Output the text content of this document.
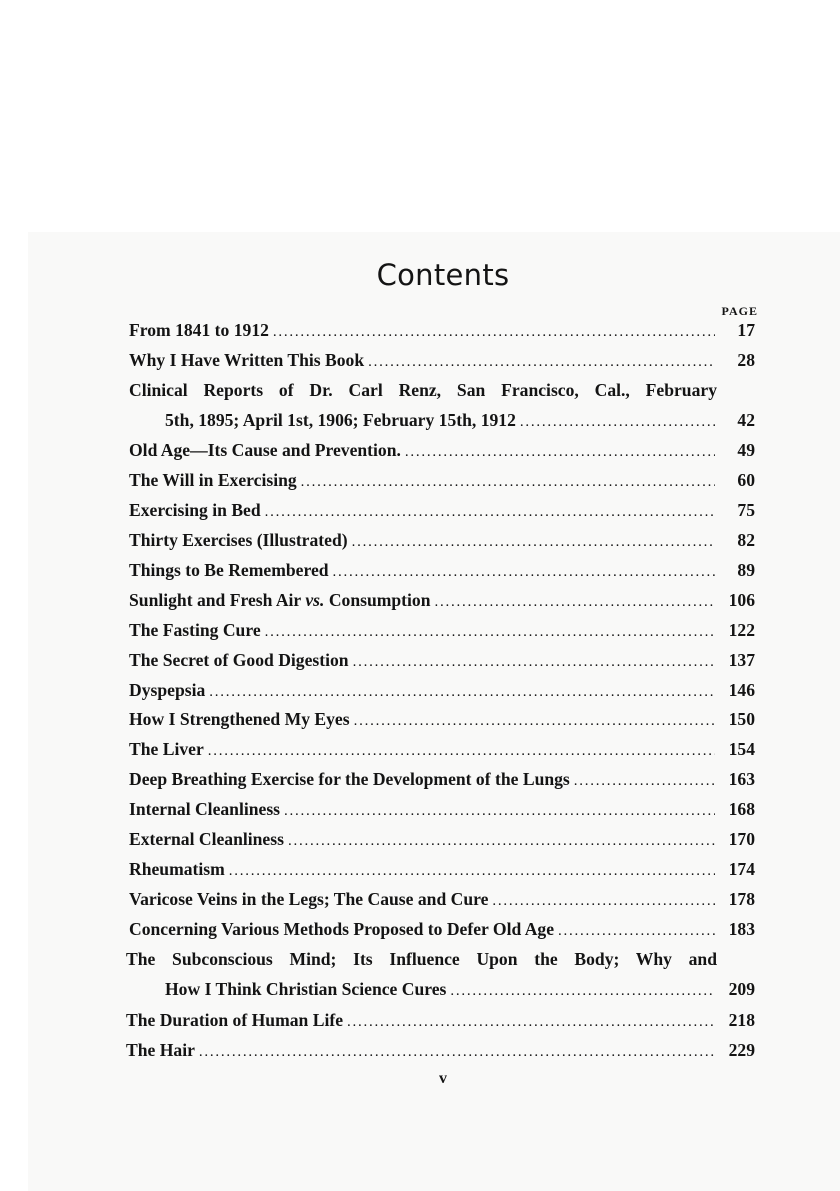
Contents
PAGE
From 1841 to 1912 . . .	17
Why I Have Written This Book . . .	28
Clinical Reports of Dr. Carl Renz, San Francisco, Cal., February
5th, 1895; April 1st, 1906; February 15th, 1912 . . .	42
Old Age—Its Cause and Prevention. . . .	49
The Will in Exercising . . .	60
Exercising in Bed . . .	75
Thirty Exercises (Illustrated) . . .	82
Things to Be Remembered . . .	89
Sunlight and Fresh Air vs. Consumption . . .	106
The Fasting Cure . . .	122
The Secret of Good Digestion . . .	137
Dyspepsia . . .	146
How I Strengthened My Eyes . . .	150
The Liver . . .	154
Deep Breathing Exercise for the Development of the Lungs . . .	163
Internal Cleanliness . . .	168
External Cleanliness . . .	170
Rheumatism . . .	174
Varicose Veins in the Legs; The Cause and Cure . . .	178
Concerning Various Methods Proposed to Defer Old Age . . .	183
The Subconscious Mind; Its Influence Upon the Body; Why and
How I Think Christian Science Cures . . .	209
The Duration of Human Life . . .	218
The Hair . . .	229
v
